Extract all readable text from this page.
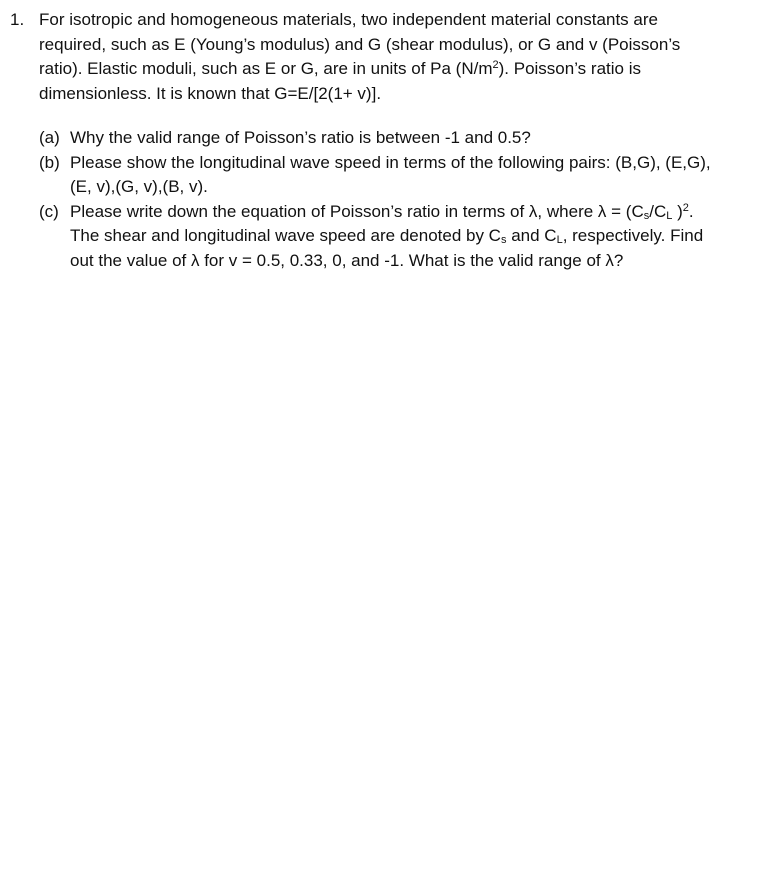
1. For isotropic and homogeneous materials, two independent material constants are
required, such as E (Young’s modulus) and G (shear modulus), or G and v (Poisson’s
ratio). Elastic moduli, such as E or G, are in units of Pa $(N/m^2)$. Poisson’s ratio is
dimensionless. It is known that G=E/[2(1+ v)].
(a) Why the valid range of Poisson’s ratio is between -1 and 0.5?
(b) Please show the longitudinal wave speed in terms of the following pairs: (B,G), (E,G),
(E, v),(G, v),(B, v).
(c) Please write down the equation of Poisson’s ratio in terms of λ, where $\lambda = (C_s/C_L$ )$^2$.
The shear and longitudinal wave speed are denoted by $C_s$ and $C_L$, respectively. Find
out the value of λ for v = 0.5, 0.33, 0, and -1. What is the valid range of λ?
